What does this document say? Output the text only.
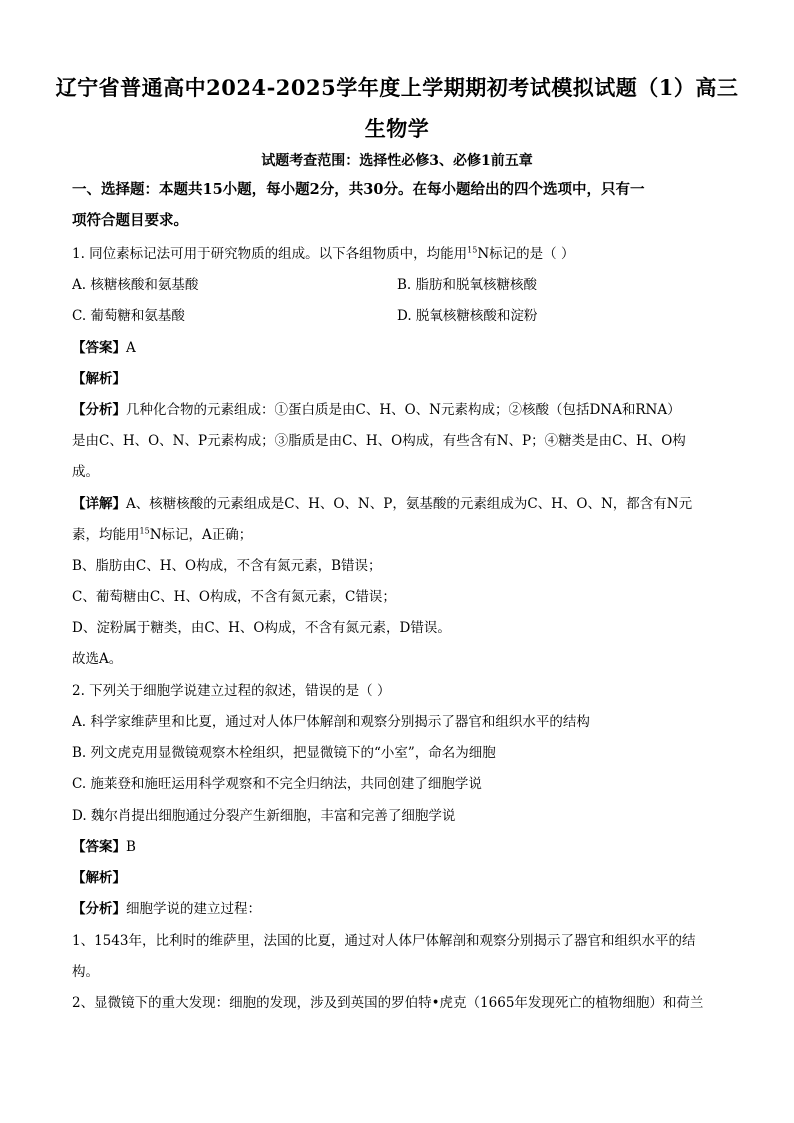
辽宁省普通高中2024-2025学年度上学期期初考试模拟试题（1）高三
生物学
试题考查范围：选择性必修3、必修1前五章
一、选择题：本题共15小题，每小题2分，共30分。在每小题给出的四个选项中，只有一
项符合题目要求。
1. 同位素标记法可用于研究物质的组成。以下各组物质中，均能用$^{15}$N标记的是（ ）
A. 核糖核酸和氨基酸	B. 脂肪和脱氧核糖核酸
C. 葡萄糖和氨基酸	D. 脱氧核糖核酸和淀粉
【答案】A
【解析】
【分析】几种化合物的元素组成：①蛋白质是由C、H、O、N元素构成；②核酸（包括DNA和RNA）
是由C、H、O、N、P元素构成；③脂质是由C、H、O构成，有些含有N、P；④糖类是由C、H、O构
成。
【详解】A、核糖核酸的元素组成是C、H、O、N、P，氨基酸的元素组成为C、H、O、N，都含有N元
素，均能用$^{15}$N标记，A正确；
B、脂肪由C、H、O构成，不含有氮元素，B错误；
C、葡萄糖由C、H、O构成，不含有氮元素，C错误；
D、淀粉属于糖类，由C、H、O构成，不含有氮元素，D错误。
故选A。
2. 下列关于细胞学说建立过程的叙述，错误的是（ ）
A. 科学家维萨里和比夏，通过对人体尸体解剖和观察分别揭示了器官和组织水平的结构
B. 列文虎克用显微镜观察木栓组织，把显微镜下的“小室”，命名为细胞
C. 施莱登和施旺运用科学观察和不完全归纳法，共同创建了细胞学说
D. 魏尔肖提出细胞通过分裂产生新细胞，丰富和完善了细胞学说
【答案】B
【解析】
【分析】细胞学说的建立过程：
1、1543年，比利时的维萨里，法国的比夏，通过对人体尸体解剖和观察分别揭示了器官和组织水平的结
构。
2、显微镜下的重大发现：细胞的发现，涉及到英国的罗伯特•虎克（1665年发现死亡的植物细胞）和荷兰
